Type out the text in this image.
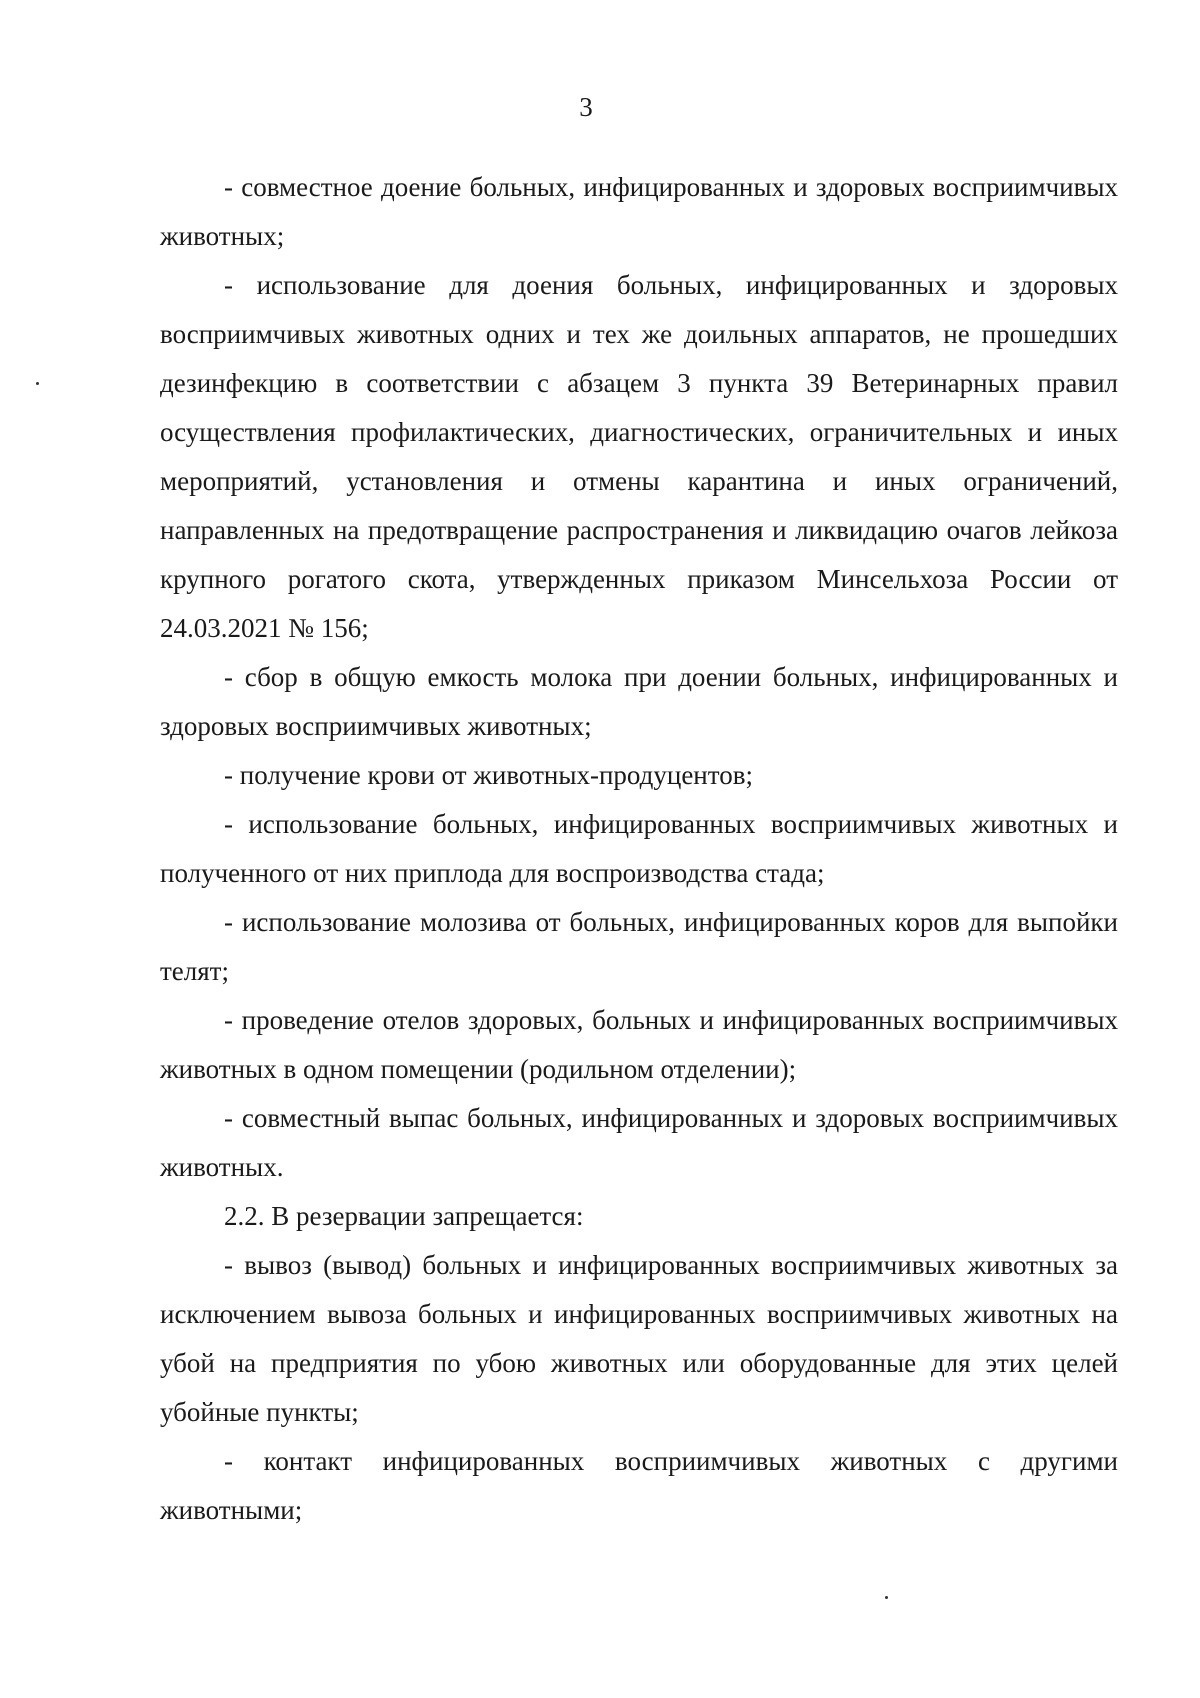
3

- совместное доение больных, инфицированных и здоровых восприимчивых животных;

- использование для доения больных, инфицированных и здоровых восприимчивых животных одних и тех же доильных аппаратов, не прошедших дезинфекцию в соответствии с абзацем 3 пункта 39 Ветеринарных правил осуществления профилактических, диагностических, ограничительных и иных мероприятий, установления и отмены карантина и иных ограничений, направленных на предотвращение распространения и ликвидацию очагов лейкоза крупного рогатого скота, утвержденных приказом Минсельхоза России от 24.03.2021 № 156;

- сбор в общую емкость молока при доении больных, инфицированных и здоровых восприимчивых животных;

- получение крови от животных-продуцентов;

- использование больных, инфицированных восприимчивых животных и полученного от них приплода для воспроизводства стада;

- использование молозива от больных, инфицированных коров для выпойки телят;

- проведение отелов здоровых, больных и инфицированных восприимчивых животных в одном помещении (родильном отделении);

- совместный выпас больных, инфицированных и здоровых восприимчивых животных.

2.2. В резервации запрещается:

- вывоз (вывод) больных и инфицированных восприимчивых животных за исключением вывоза больных и инфицированных восприимчивых животных на убой на предприятия по убою животных или оборудованные для этих целей убойные пункты;

- контакт инфицированных восприимчивых животных с другими животными;
